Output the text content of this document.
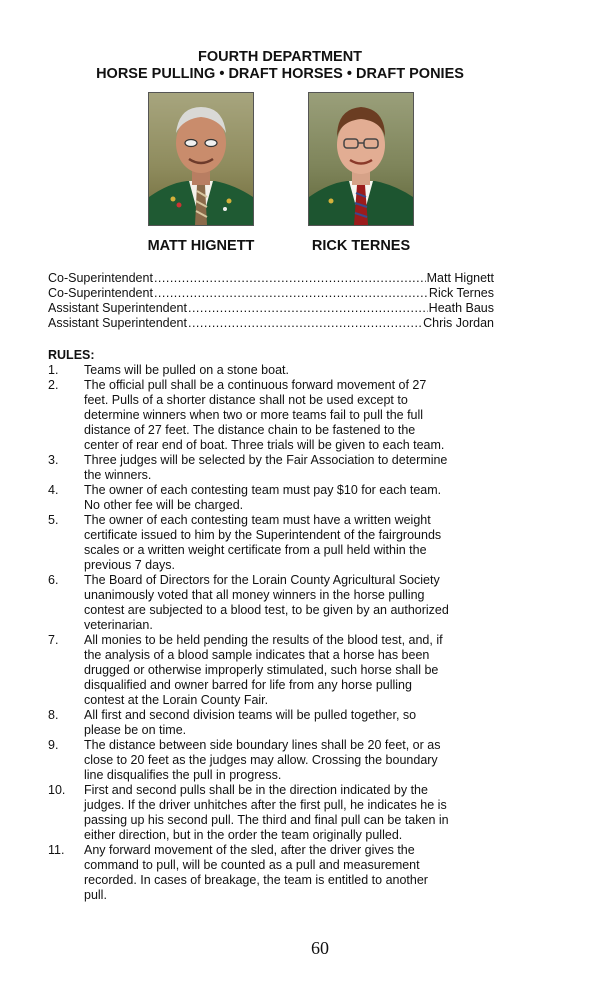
FOURTH DEPARTMENT
HORSE PULLING • DRAFT HORSES • DRAFT PONIES
MATT HIGNETT	RICK TERNES
Co-Superintendent .....	Matt Hignett
Co-Superintendent .....	Rick Ternes
Assistant Superintendent .....	Heath Baus
Assistant Superintendent .....	Chris Jordan
RULES:
1.	Teams will be pulled on a stone boat.
2.	The official pull shall be a continuous forward movement of 27
feet. Pulls of a shorter distance shall not be used except to
determine winners when two or more teams fail to pull the full
distance of 27 feet. The distance chain to be fastened to the
center of rear end of boat. Three trials will be given to each team.
3.	Three judges will be selected by the Fair Association to determine
the winners.
4.	The owner of each contesting team must pay $10 for each team.
No other fee will be charged.
5.	The owner of each contesting team must have a written weight
certificate issued to him by the Superintendent of the fairgrounds
scales or a written weight certificate from a pull held within the
previous 7 days.
6.	The Board of Directors for the Lorain County Agricultural Society
unanimously voted that all money winners in the horse pulling
contest are subjected to a blood test, to be given by an authorized
veterinarian.
7.	All monies to be held pending the results of the blood test, and, if
the analysis of a blood sample indicates that a horse has been
drugged or otherwise improperly stimulated, such horse shall be
disqualified and owner barred for life from any horse pulling
contest at the Lorain County Fair.
8.	All first and second division teams will be pulled together, so
please be on time.
9.	The distance between side boundary lines shall be 20 feet, or as
close to 20 feet as the judges may allow. Crossing the boundary
line disqualifies the pull in progress.
10.	First and second pulls shall be in the direction indicated by the
judges. If the driver unhitches after the first pull, he indicates he is
passing up his second pull. The third and final pull can be taken in
either direction, but in the order the team originally pulled.
11.	Any forward movement of the sled, after the driver gives the
command to pull, will be counted as a pull and measurement
recorded. In cases of breakage, the team is entitled to another
pull.
60
